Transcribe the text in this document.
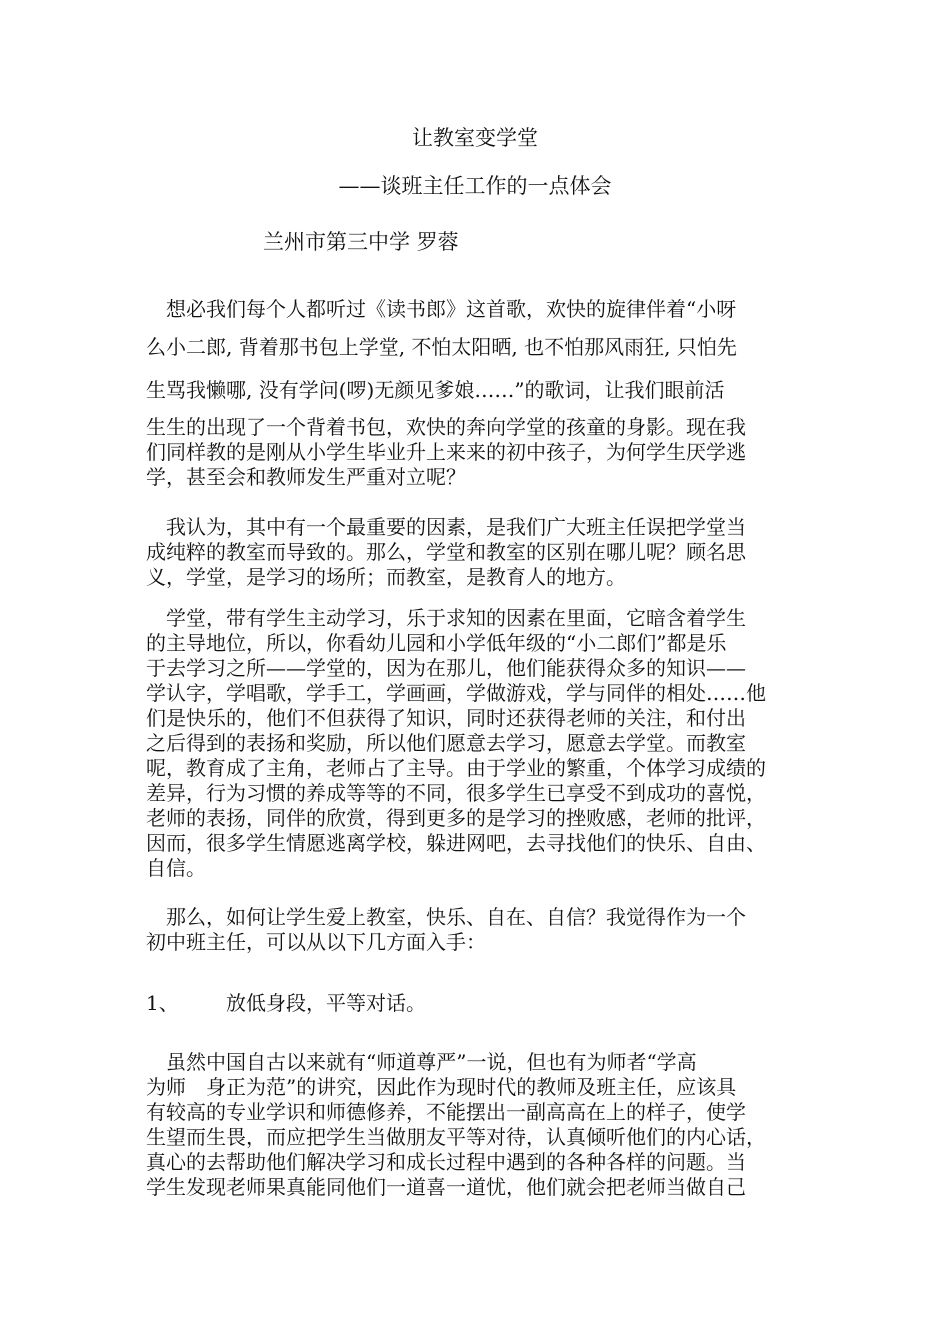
让教室变学堂
——谈班主任工作的一点体会
兰州市第三中学 罗蓉
　想必我们每个人都听过《读书郎》这首歌，欢快的旋律伴着“小呀
么小二郎, 背着那书包上学堂, 不怕太阳晒, 也不怕那风雨狂, 只怕先
生骂我懒哪, 没有学问(啰)无颜见爹娘……”的歌词，让我们眼前活
生生的出现了一个背着书包，欢快的奔向学堂的孩童的身影。现在我
们同样教的是刚从小学生毕业升上来来的初中孩子，为何学生厌学逃
学，甚至会和教师发生严重对立呢？
　我认为，其中有一个最重要的因素，是我们广大班主任误把学堂当
成纯粹的教室而导致的。那么，学堂和教室的区别在哪儿呢？顾名思
义，学堂，是学习的场所；而教室，是教育人的地方。
　学堂，带有学生主动学习，乐于求知的因素在里面，它暗含着学生
的主导地位，所以，你看幼儿园和小学低年级的“小二郎们”都是乐
于去学习之所——学堂的，因为在那儿，他们能获得众多的知识——
学认字，学唱歌，学手工，学画画，学做游戏，学与同伴的相处……他
们是快乐的，他们不但获得了知识，同时还获得老师的关注，和付出
之后得到的表扬和奖励，所以他们愿意去学习，愿意去学堂。而教室
呢，教育成了主角，老师占了主导。由于学业的繁重，个体学习成绩的
差异，行为习惯的养成等等的不同，很多学生已享受不到成功的喜悦，
老师的表扬，同伴的欣赏，得到更多的是学习的挫败感，老师的批评，
因而，很多学生情愿逃离学校，躲进网吧，去寻找他们的快乐、自由、
自信。
　那么，如何让学生爱上教室，快乐、自在、自信？我觉得作为一个
初中班主任，可以从以下几方面入手：
1、 放低身段，平等对话。
　虽然中国自古以来就有“师道尊严”一说，但也有为师者“学高
为师　身正为范”的讲究，因此作为现时代的教师及班主任，应该具
有较高的专业学识和师德修养，不能摆出一副高高在上的样子，使学
生望而生畏，而应把学生当做朋友平等对待，认真倾听他们的内心话，
真心的去帮助他们解决学习和成长过程中遇到的各种各样的问题。当
学生发现老师果真能同他们一道喜一道忧，他们就会把老师当做自己
